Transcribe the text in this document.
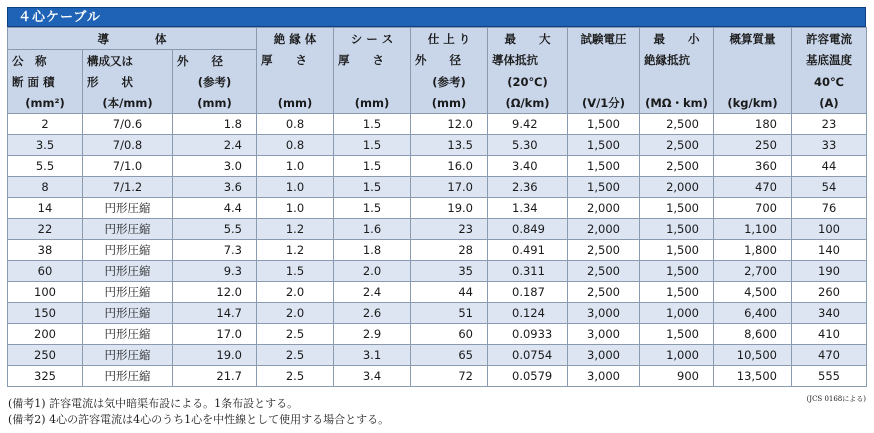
４心ケーブル
導　　　　体			絶 縁 体	シ ー ス	仕 上 り	最　　大	試験電圧	最　　小	概算質量	許容電流
公　称	構成又は	外　　径	厚　　さ	厚　　さ	外　　径	導体抵抗		絶縁抵抗		基底温度
断 面 積	形　　状	(参考)			(参考)	(20℃)				40℃
(mm²)	(本/mm)	(mm)	(mm)	(mm)	(mm)	(Ω/km)	(V/1分)	(MΩ・km)	(kg/km)	(A)
2	7/0.6	1.8	0.8	1.5	12.0	9.42	1,500	2,500	180	23
3.5	7/0.8	2.4	0.8	1.5	13.5	5.30	1,500	2,500	250	33
5.5	7/1.0	3.0	1.0	1.5	16.0	3.40	1,500	2,500	360	44
8	7/1.2	3.6	1.0	1.5	17.0	2.36	1,500	2,000	470	54
14	円形圧縮	4.4	1.0	1.5	19.0	1.34	2,000	1,500	700	76
22	円形圧縮	5.5	1.2	1.6	23	0.849	2,000	1,500	1,100	100
38	円形圧縮	7.3	1.2	1.8	28	0.491	2,500	1,500	1,800	140
60	円形圧縮	9.3	1.5	2.0	35	0.311	2,500	1,500	2,700	190
100	円形圧縮	12.0	2.0	2.4	44	0.187	2,500	1,500	4,500	260
150	円形圧縮	14.7	2.0	2.6	51	0.124	3,000	1,000	6,400	340
200	円形圧縮	17.0	2.5	2.9	60	0.0933	3,000	1,500	8,600	410
250	円形圧縮	19.0	2.5	3.1	65	0.0754	3,000	1,000	10,500	470
325	円形圧縮	21.7	2.5	3.4	72	0.0579	3,000	900	13,500	555
(JCS 0168による)
(備考1) 許容電流は気中暗渠布設による。1条布設とする。
(備考2) 4心の許容電流は4心のうち1心を中性線として使用する場合とする。
